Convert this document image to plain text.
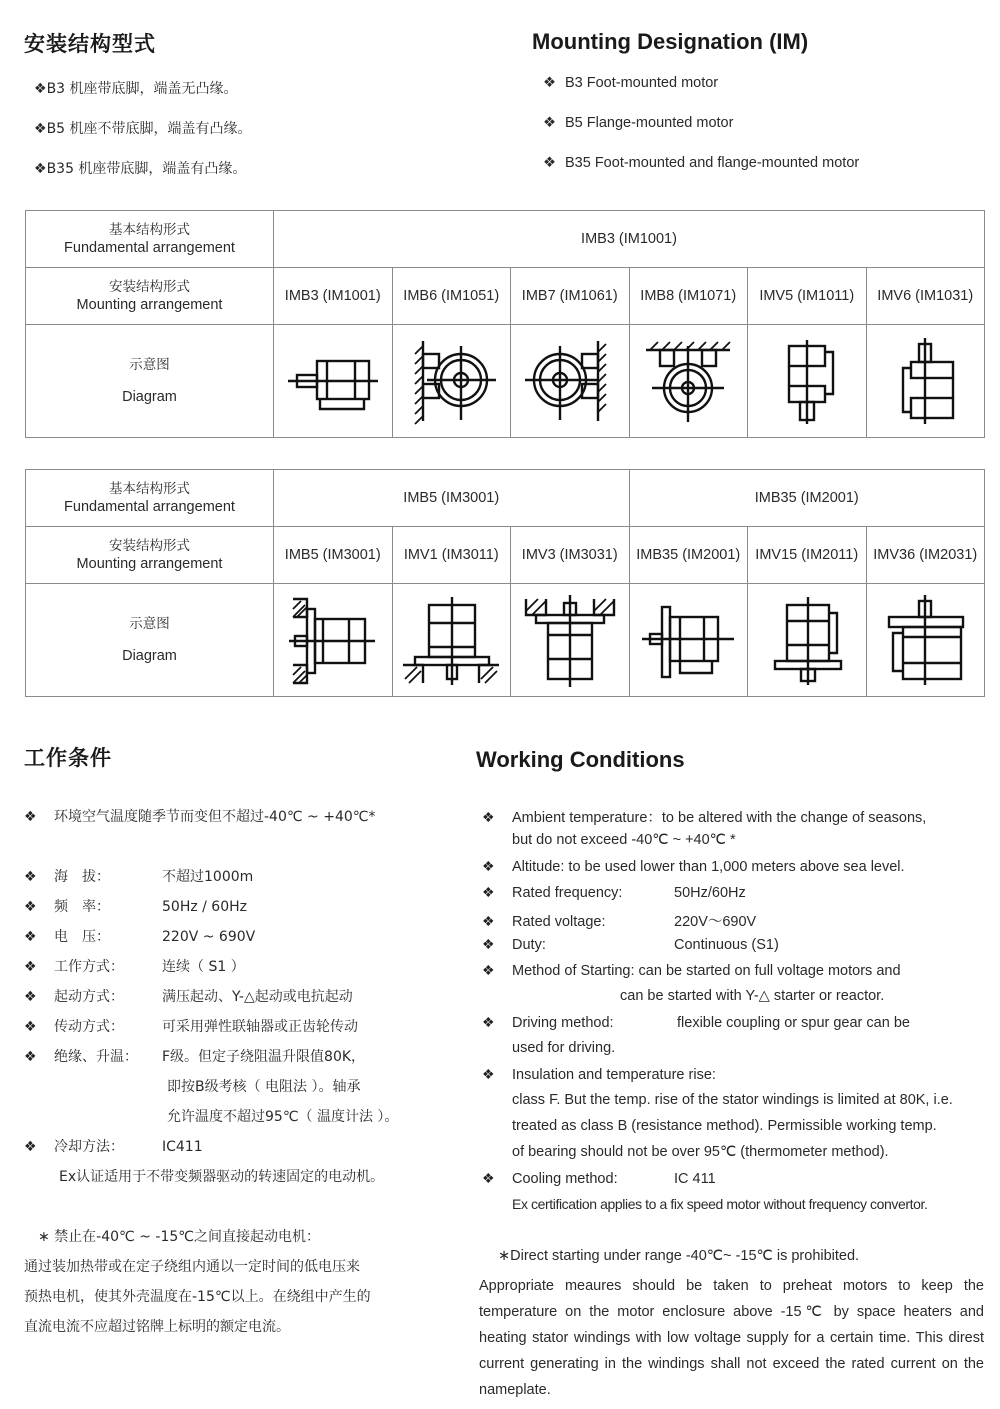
安装结构型式
❖B3 机座带底脚，端盖无凸缘。
❖B5 机座不带底脚，端盖有凸缘。
❖B35 机座带底脚，端盖有凸缘。
Mounting Designation (IM)
❖ B3 Foot-mounted motor
❖ B5 Flange-mounted motor
❖ B35 Foot-mounted and flange-mounted motor
基本结构形式
Fundamental arrangement	IMB3 (IM1001)					
安装结构形式
Mounting arrangement	IMB3 (IM1001)	IMB6 (IM1051)	IMB7 (IM1061)	IMB8 (IM1071)	IMV5 (IM1011)	IMV6 (IM1031)

示意图
Diagram	

基本结构形式
Fundamental arrangement	IMB5 (IM3001)			IMB35 (IM2001)		
安装结构形式
Mounting arrangement	IMB5 (IM3001)	IMV1 (IM3011)	IMV3 (IM3031)	IMB35 (IM2001)	IMV15 (IM2011)	IMV36 (IM2031)

示意图
Diagram	

工作条件
❖ 环境空气温度随季节而变但不超过-40℃ ~ +40℃*
❖ 海　拔：	不超过1000m
❖ 频　率：	50Hz / 60Hz
❖ 电　压：	220V ~ 690V
❖ 工作方式：	连续（ S1 ）
❖ 起动方式：	满压起动、Y-△起动或电抗起动
❖ 传动方式：	可采用弹性联轴器或正齿轮传动
❖ 绝缘、升温： F级。但定子绕阻温升限值80K，
即按B级考核（ 电阻法 ）。轴承
允许温度不超过95℃（ 温度计法 ）。
❖ 冷却方法：	IC411
Ex认证适用于不带变频器驱动的转速固定的电动机。
∗ 禁止在-40℃ ~ -15℃之间直接起动电机：
通过装加热带或在定子绕组内通以一定时间的低电压来
预热电机，使其外壳温度在-15℃以上。在绕组中产生的
直流电流不应超过铭牌上标明的额定电流。
Working Conditions
❖ Ambient temperature：to be altered with the change of seasons,
but do not exceed -40℃ ~ +40℃ *
❖ Altitude: to be used lower than 1,000 meters above sea level.
❖ Rated frequency:	50Hz/60Hz
❖ Rated voltage:	220V～690V
❖ Duty:	Continuous (S1)
❖ Method of Starting: can be started on full voltage motors and
can be started with Y-△ starter or reactor.
❖ Driving method:	flexible coupling or spur gear can be
used for driving.
❖ Insulation and temperature rise:
class F. But the temp. rise of the stator windings is limited at 80K, i.e.
treated as class B (resistance method). Permissible working temp.
of bearing should not be over 95℃ (thermometer method).
❖ Cooling method:	IC 411
Ex certification applies to a fix speed motor without frequency convertor.
∗Direct starting under range -40℃~ -15℃ is prohibited.
Appropriate meaures should be taken to preheat motors to keep the temperature on the motor enclosure above -15℃ by space heaters and heating stator windings with low voltage supply for a certain time. This direst current generating in the windings shall not exceed the rated current on the nameplate.
